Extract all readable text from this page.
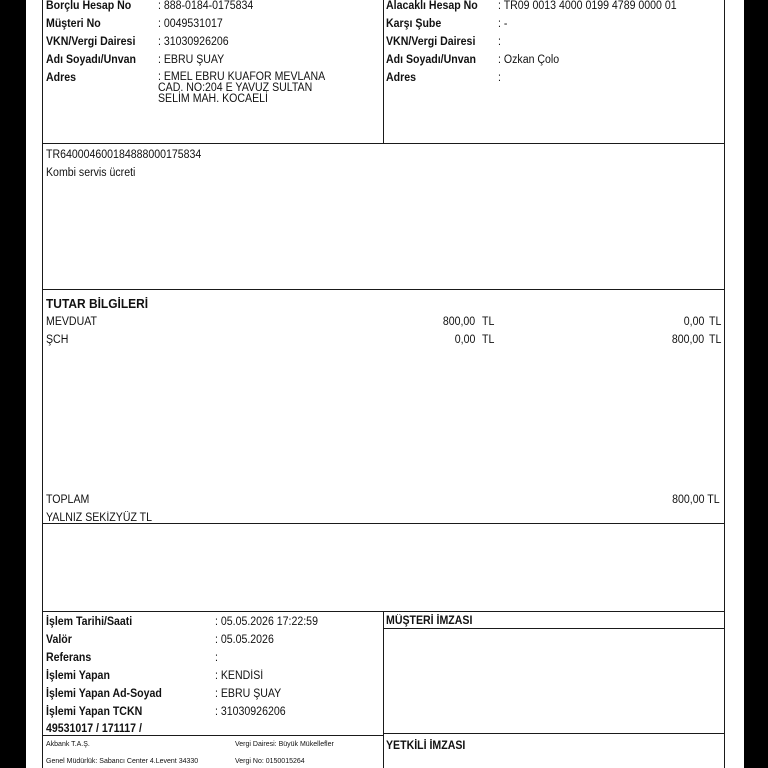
Borçlu Hesap No : 888-0184-0175834
Müşteri No	: 0049531017
VKN/Vergi Dairesi : 31030926206
Adı Soyadı/Unvan : EBRU ŞUAY
Adres	: EMEL EBRU KUAFÖR MEVLANA CAD. NO:204 E YAVUZ SULTAN SELİM MAH. KOCAELİ
Alacaklı Hesap No : TR09 0013 4000 0199 4789 0000 01
Karşı Şube	: -
VKN/Vergi Dairesi :
Adı Soyadı/Unvan : Özkan Çolo
Adres	:
TR640004600184888000175834
Kombi servis ücreti
TUTAR BİLGİLERİ
MEVDUAT	800,00 TL	0,00 TL
ŞCH	0,00 TL	800,00 TL
TOPLAM	800,00 TL
YALNIZ SEKİZYÜZ TL
İşlem Tarihi/Saati	: 05.05.2026 17:22:59
Valör	: 05.05.2026
Referans	:
İşlemi Yapan	: KENDİSİ
İşlemi Yapan Ad-Soyad	: EBRU ŞUAY
İşlemi Yapan TCKN	: 31030926206
49531017 / 171117 /
MÜŞTERİ İMZASI
YETKİLİ İMZASI
Akbank T.A.Ş.	Vergi Dairesi: Büyük Mükellefler
Genel Müdürlük: Sabancı Center 4.Levent 34330	Vergi No: 0150015264
